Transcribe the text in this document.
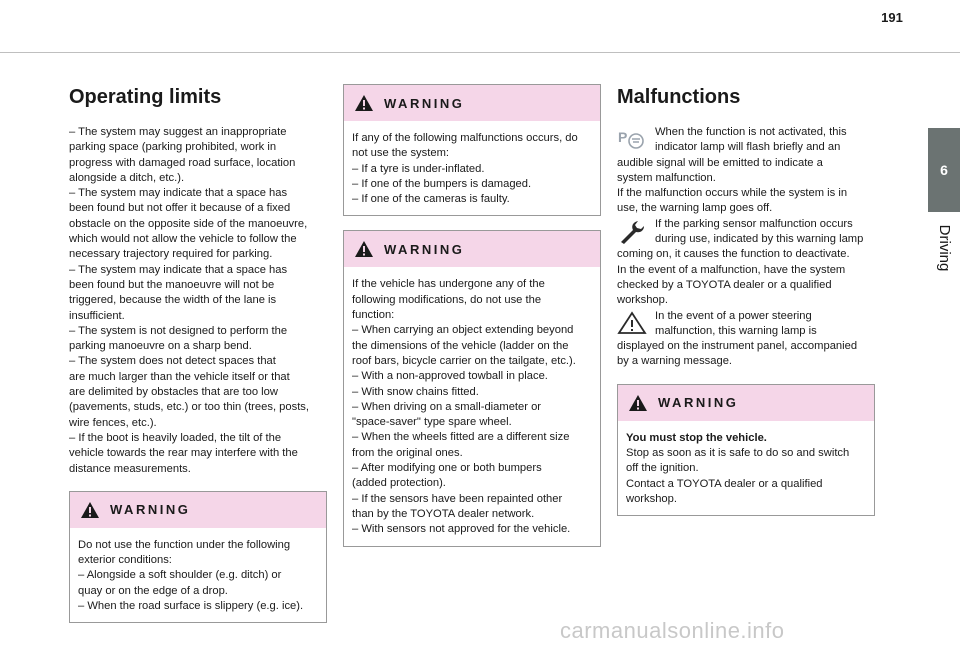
191
6
Driving
Operating limits

– The system may suggest an inappropriate
parking space (parking prohibited, work in
progress with damaged road surface, location
alongside a ditch, etc.).
– The system may indicate that a space has
been found but not offer it because of a fixed
obstacle on the opposite side of the manoeuvre,
which would not allow the vehicle to follow the
necessary trajectory required for parking.
– The system may indicate that a space has
been found but the manoeuvre will not be
triggered, because the width of the lane is
insufficient.
– The system is not designed to perform the
parking manoeuvre on a sharp bend.
– The system does not detect spaces that
are much larger than the vehicle itself or that
are delimited by obstacles that are too low
(pavements, studs, etc.) or too thin (trees, posts,
wire fences, etc.).
– If the boot is heavily loaded, the tilt of the
vehicle towards the rear may interfere with the
distance measurements.

WARNING
Do not use the function under the following
exterior conditions:
– Alongside a soft shoulder (e.g. ditch) or
quay or on the edge of a drop.
– When the road surface is slippery (e.g. ice).
WARNING
If any of the following malfunctions occurs, do
not use the system:
– If a tyre is under-inflated.
– If one of the bumpers is damaged.
– If one of the cameras is faulty.
WARNING
If the vehicle has undergone any of the
following modifications, do not use the
function:
– When carrying an object extending beyond
the dimensions of the vehicle (ladder on the
roof bars, bicycle carrier on the tailgate, etc.).
– With a non-approved towball in place.
– With snow chains fitted.
– When driving on a small-diameter or
"space-saver" type spare wheel.
– When the wheels fitted are a different size
from the original ones.
– After modifying one or both bumpers
(added protection).
– If the sensors have been repainted other
than by the TOYOTA dealer network.
– With sensors not approved for the vehicle.
Malfunctions
P When the function is not activated, this
indicator lamp will flash briefly and an
audible signal will be emitted to indicate a
system malfunction.
If the malfunction occurs while the system is in
use, the warning lamp goes off.
If the parking sensor malfunction occurs
during use, indicated by this warning lamp
coming on, it causes the function to deactivate.
In the event of a malfunction, have the system
checked by a TOYOTA dealer or a qualified
workshop.
In the event of a power steering
malfunction, this warning lamp is
displayed on the instrument panel, accompanied
by a warning message.
WARNING
You must stop the vehicle.
Stop as soon as it is safe to do so and switch
off the ignition.
Contact a TOYOTA dealer or a qualified
workshop.
carmanualsonline.info
